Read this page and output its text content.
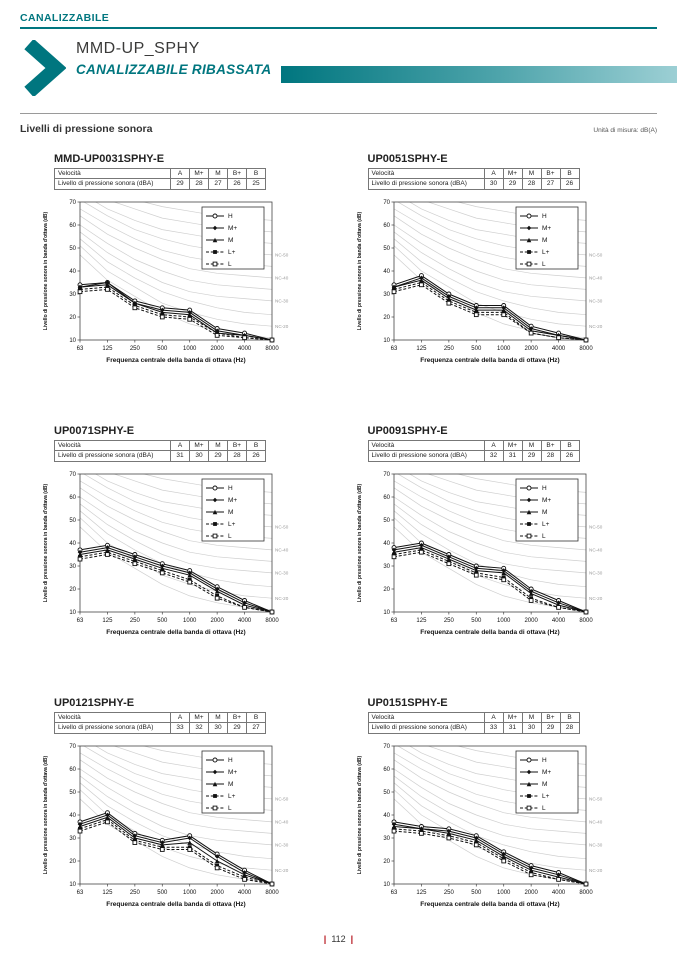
CANALIZZABILE
MMD-UP_SPHY
CANALIZZABILE RIBASSATA
Livelli di pressione sonora	Unità di misura: dB(A)
MMD-UP0031SPHY-E
Velocità	A	M+	M	B+	B
Livello di pressione sonora (dBA)	29	28	27	26	25
10
20
30
40
50
60
70
63	125	250	500	1000 2000 4000 8000
NC-50
NC-40
NC-30
NC-20
H
M+
M
L+
L
Livello di pressione sonora in banda d'ottava (dB)
Frequenza centrale della banda di ottava (Hz)
UP0051SPHY-E
Velocità	A	M+	M	B+	B
Livello di pressione sonora (dBA)	30	29	28	27	26
10
20
30
40
50
60
70
63	125	250	500	1000 2000 4000 8000
NC-50
NC-40
NC-30
NC-20
H
M+
M
L+
L
Livello di pressione sonora in banda d'ottava (dB)
Frequenza centrale della banda di ottava (Hz)
UP0071SPHY-E
Velocità	A	M+	M	B+	B
Livello di pressione sonora (dBA)	31	30	29	28	26
10
20
30
40
50
60
70
63	125	250	500	1000 2000 4000 8000
NC-50
NC-40
NC-30
NC-20
H
M+
M
L+
L
Livello di pressione sonora in banda d'ottava (dB)
Frequenza centrale della banda di ottava (Hz)
UP0091SPHY-E
Velocità	A	M+	M	B+	B
Livello di pressione sonora (dBA)	32	31	29	28	26
10
20
30
40
50
60
70
63	125	250	500	1000 2000 4000 8000
NC-50
NC-40
NC-30
NC-20
H
M+
M
L+
L
Livello di pressione sonora in banda d'ottava (dB)
Frequenza centrale della banda di ottava (Hz)
UP0121SPHY-E
Velocità	A	M+	M	B+	B
Livello di pressione sonora (dBA)	33	32	30	29	27
10
20
30
40
50
60
70
63	125	250	500	1000 2000 4000 8000
NC-50
NC-40
NC-30
NC-20
H
M+
M
L+
L
Livello di pressione sonora in banda d'ottava (dB)
Frequenza centrale della banda di ottava (Hz)
UP0151SPHY-E
Velocità	A	M+	M	B+	B
Livello di pressione sonora (dBA)	33	31	30	29	28
10
20
30
40
50
60
70
63	125	250	500	1000 2000 4000 8000
NC-50
NC-40
NC-30
NC-20
H
M+
M
L+
L
Livello di pressione sonora in banda d'ottava (dB)
Frequenza centrale della banda di ottava (Hz)
| 112 |
